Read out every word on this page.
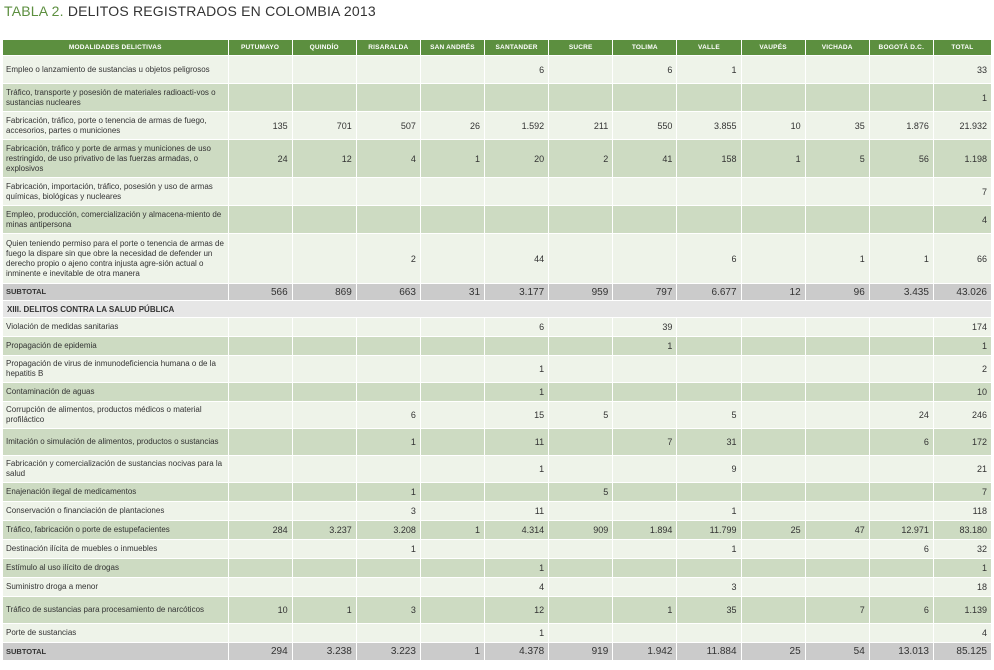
TABLA 2. DELITOS REGISTRADOS EN COLOMBIA 2013
MODALIDADES DELICTIVAS	PUTUMAYO	QUINDÍO	RISARALDA	SAN ANDRÉS	SANTANDER	SUCRE	TOLIMA	VALLE	VAUPÉS	VICHADA	BOGOTÁ D.C.	TOTAL
Empleo o lanzamiento de sustancias u objetos peligrosos					6		6	1				33
Tráfico, transporte y posesión de materiales radioacti-vos o sustancias nucleares												1
Fabricación, tráfico, porte o tenencia de armas de fuego, accesorios, partes o municiones	135	701	507	26	1.592	211	550	3.855	10	35	1.876	21.932
Fabricación, tráfico y porte de armas y municiones de uso restringido, de uso privativo de las fuerzas armadas, o explosivos	24	12	4	1	20	2	41	158	1	5	56	1.198
Fabricación, importación, tráfico, posesión y uso de armas químicas, biológicas y nucleares												7
Empleo, producción, comercialización y almacena-miento de minas antipersona												4
Quien teniendo permiso para el porte o tenencia de armas de fuego la dispare sin que obre la necesidad de defender un derecho propio o ajeno contra injusta agre-sión actual o inminente e inevitable de otra manera			2		44			6		1	1	66
SUBTOTAL	566	869	663	31	3.177	959	797	6.677	12	96	3.435	43.026
XIII. DELITOS CONTRA LA SALUD PÚBLICA												
Violación de medidas sanitarias					6		39					174
Propagación de epidemia							1					1
Propagación de virus de inmunodeficiencia humana o de la hepatitis B					1							2
Contaminación de aguas					1							10
Corrupción de alimentos, productos médicos o material profiláctico			6		15	5		5			24	246
Imitación o simulación de alimentos, productos o sustancias			1		11		7	31			6	172
Fabricación y comercialización de sustancias nocivas para la salud					1			9				21
Enajenación ilegal de medicamentos			1			5						7
Conservación o financiación de plantaciones			3		11			1				118
Tráfico, fabricación o porte de estupefacientes	284	3.237	3.208	1	4.314	909	1.894	11.799	25	47	12.971	83.180
Destinación ilícita de muebles o inmuebles			1					1			6	32
Estímulo al uso ilícito de drogas					1							1
Suministro droga a menor					4			3				18
Tráfico de sustancias para procesamiento de narcóticos	10	1	3		12		1	35		7	6	1.139
Porte de sustancias					1							4
SUBTOTAL	294	3.238	3.223	1	4.378	919	1.942	11.884	25	54	13.013	85.125
